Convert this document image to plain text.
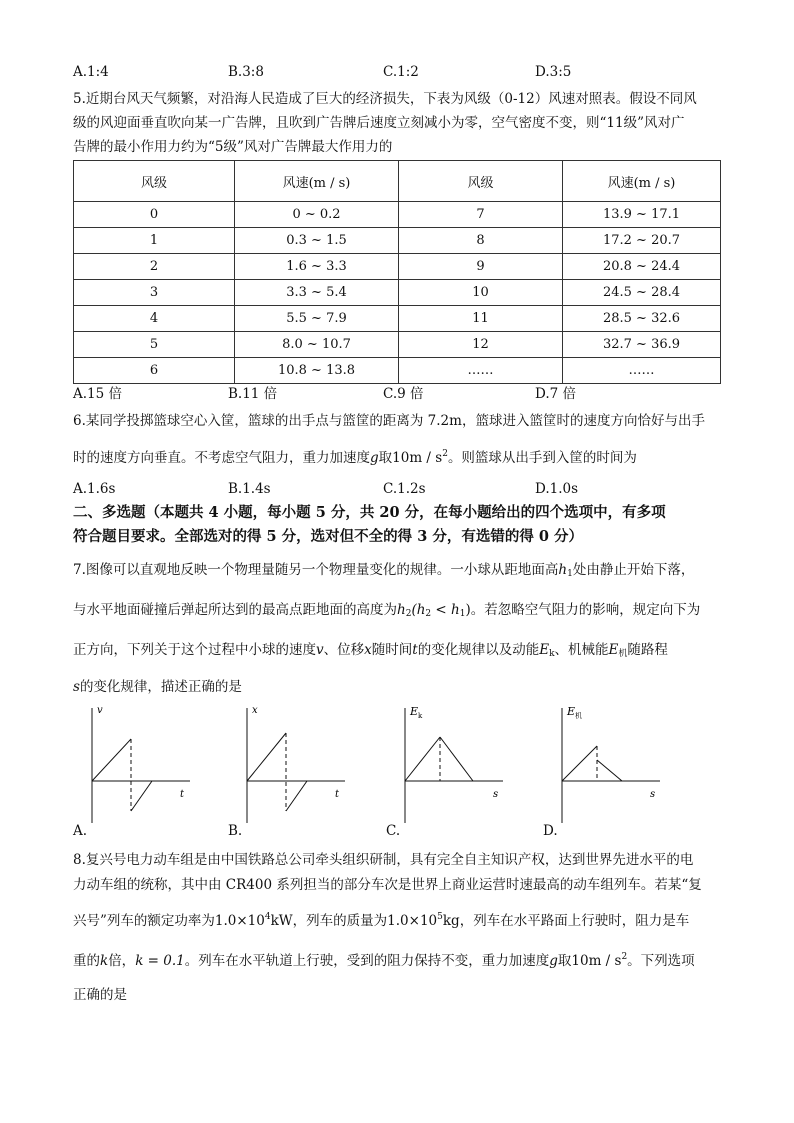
A.1:4	B.3:8	C.1:2	D.3:5
5.近期台风天气频繁，对沿海人民造成了巨大的经济损失，下表为风级（0-12）风速对照表。假设不同风
级的风迎面垂直吹向某一广告牌，且吹到广告牌后速度立刻减小为零，空气密度不变，则“11级”风对广
告牌的最小作用力约为“5级”风对广告牌最大作用力的
风级	风速(m / s)	风级	风速(m / s)
0	0 ~ 0.2	7	13.9 ~ 17.1
1	0.3 ~ 1.5	8	17.2 ~ 20.7
2	1.6 ~ 3.3	9	20.8 ~ 24.4
3	3.3 ~ 5.4	10	24.5 ~ 28.4
4	5.5 ~ 7.9	11	28.5 ~ 32.6
5	8.0 ~ 10.7	12	32.7 ~ 36.9
6	10.8 ~ 13.8	……	……
A.15 倍	B.11 倍	C.9 倍	D.7 倍
6.某同学投掷篮球空心入筐，篮球的出手点与篮筐的距离为 7.2m，篮球进入篮筐时的速度方向恰好与出手
时的速度方向垂直。不考虑空气阻力，重力加速度g取$10m / s^2$。则篮球从出手到入筐的时间为
A.1.6s	B.1.4s	C.1.2s	D.1.0s
二、多选题（本题共 4 小题，每小题 5 分，共 20 分，在每小题给出的四个选项中，有多项
符合题目要求。全部选对的得 5 分，选对但不全的得 3 分，有选错的得 0 分）
7.图像可以直观地反映一个物理量随另一个物理量变化的规律。一小球从距地面高$h_1$处由静止开始下落，
与水平地面碰撞后弹起所达到的最高点距地面的高度为$h_2(h_2 < h_1)$。若忽略空气阻力的影响，规定向下为
正方向，下列关于这个过程中小球的速度v、位移x随时间t的变化规律以及动能$E_k$、机械能$E_机$随路程
s的变化规律，描述正确的是
v
t
A.
x
t
B.
E k
s
C.
E 机
s
D.
8.复兴号电力动车组是由中国铁路总公司牵头组织研制，具有完全自主知识产权，达到世界先进水平的电
力动车组的统称，其中由 CR400 系列担当的部分车次是世界上商业运营时速最高的动车组列车。若某“复
兴号”列车的额定功率为$1.0\times 10^4kW$，列车的质量为$1.0\times 10^5kg$，列车在水平路面上行驶时，阻力是车
重的k倍，k = 0.1。列车在水平轨道上行驶，受到的阻力保持不变，重力加速度g取$10m / s^2$。下列选项
正确的是
